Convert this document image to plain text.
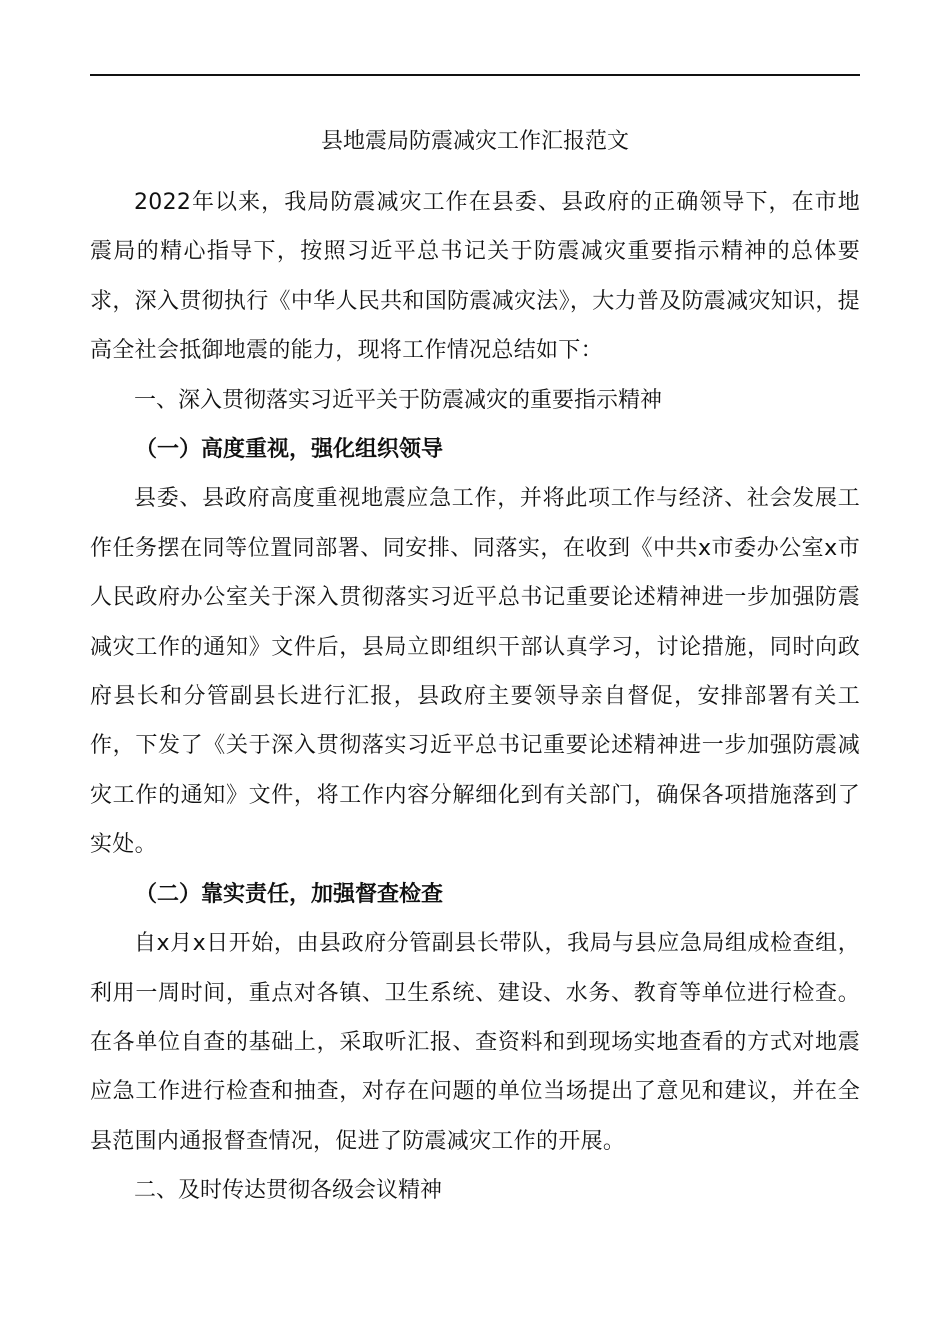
县地震局防震减灾工作汇报范文

2022年以来，我局防震减灾工作在县委、县政府的正确领导下，在市地震局的精心指导下，按照习近平总书记关于防震减灾重要指示精神的总体要求，深入贯彻执行《中华人民共和国防震减灾法》，大力普及防震减灾知识，提高全社会抵御地震的能力，现将工作情况总结如下：

一、深入贯彻落实习近平关于防震减灾的重要指示精神

（一）高度重视，强化组织领导

县委、县政府高度重视地震应急工作，并将此项工作与经济、社会发展工作任务摆在同等位置同部署、同安排、同落实，在收到《中共x市委办公室x市人民政府办公室关于深入贯彻落实习近平总书记重要论述精神进一步加强防震减灾工作的通知》文件后，县局立即组织干部认真学习，讨论措施，同时向政府县长和分管副县长进行汇报，县政府主要领导亲自督促，安排部署有关工作，下发了《关于深入贯彻落实习近平总书记重要论述精神进一步加强防震减灾工作的通知》文件，将工作内容分解细化到有关部门，确保各项措施落到了实处。

（二）靠实责任，加强督查检查

自x月x日开始，由县政府分管副县长带队，我局与县应急局组成检查组，利用一周时间，重点对各镇、卫生系统、建设、水务、教育等单位进行检查。在各单位自查的基础上，采取听汇报、查资料和到现场实地查看的方式对地震应急工作进行检查和抽查，对存在问题的单位当场提出了意见和建议，并在全县范围内通报督查情况，促进了防震减灾工作的开展。

二、及时传达贯彻各级会议精神
